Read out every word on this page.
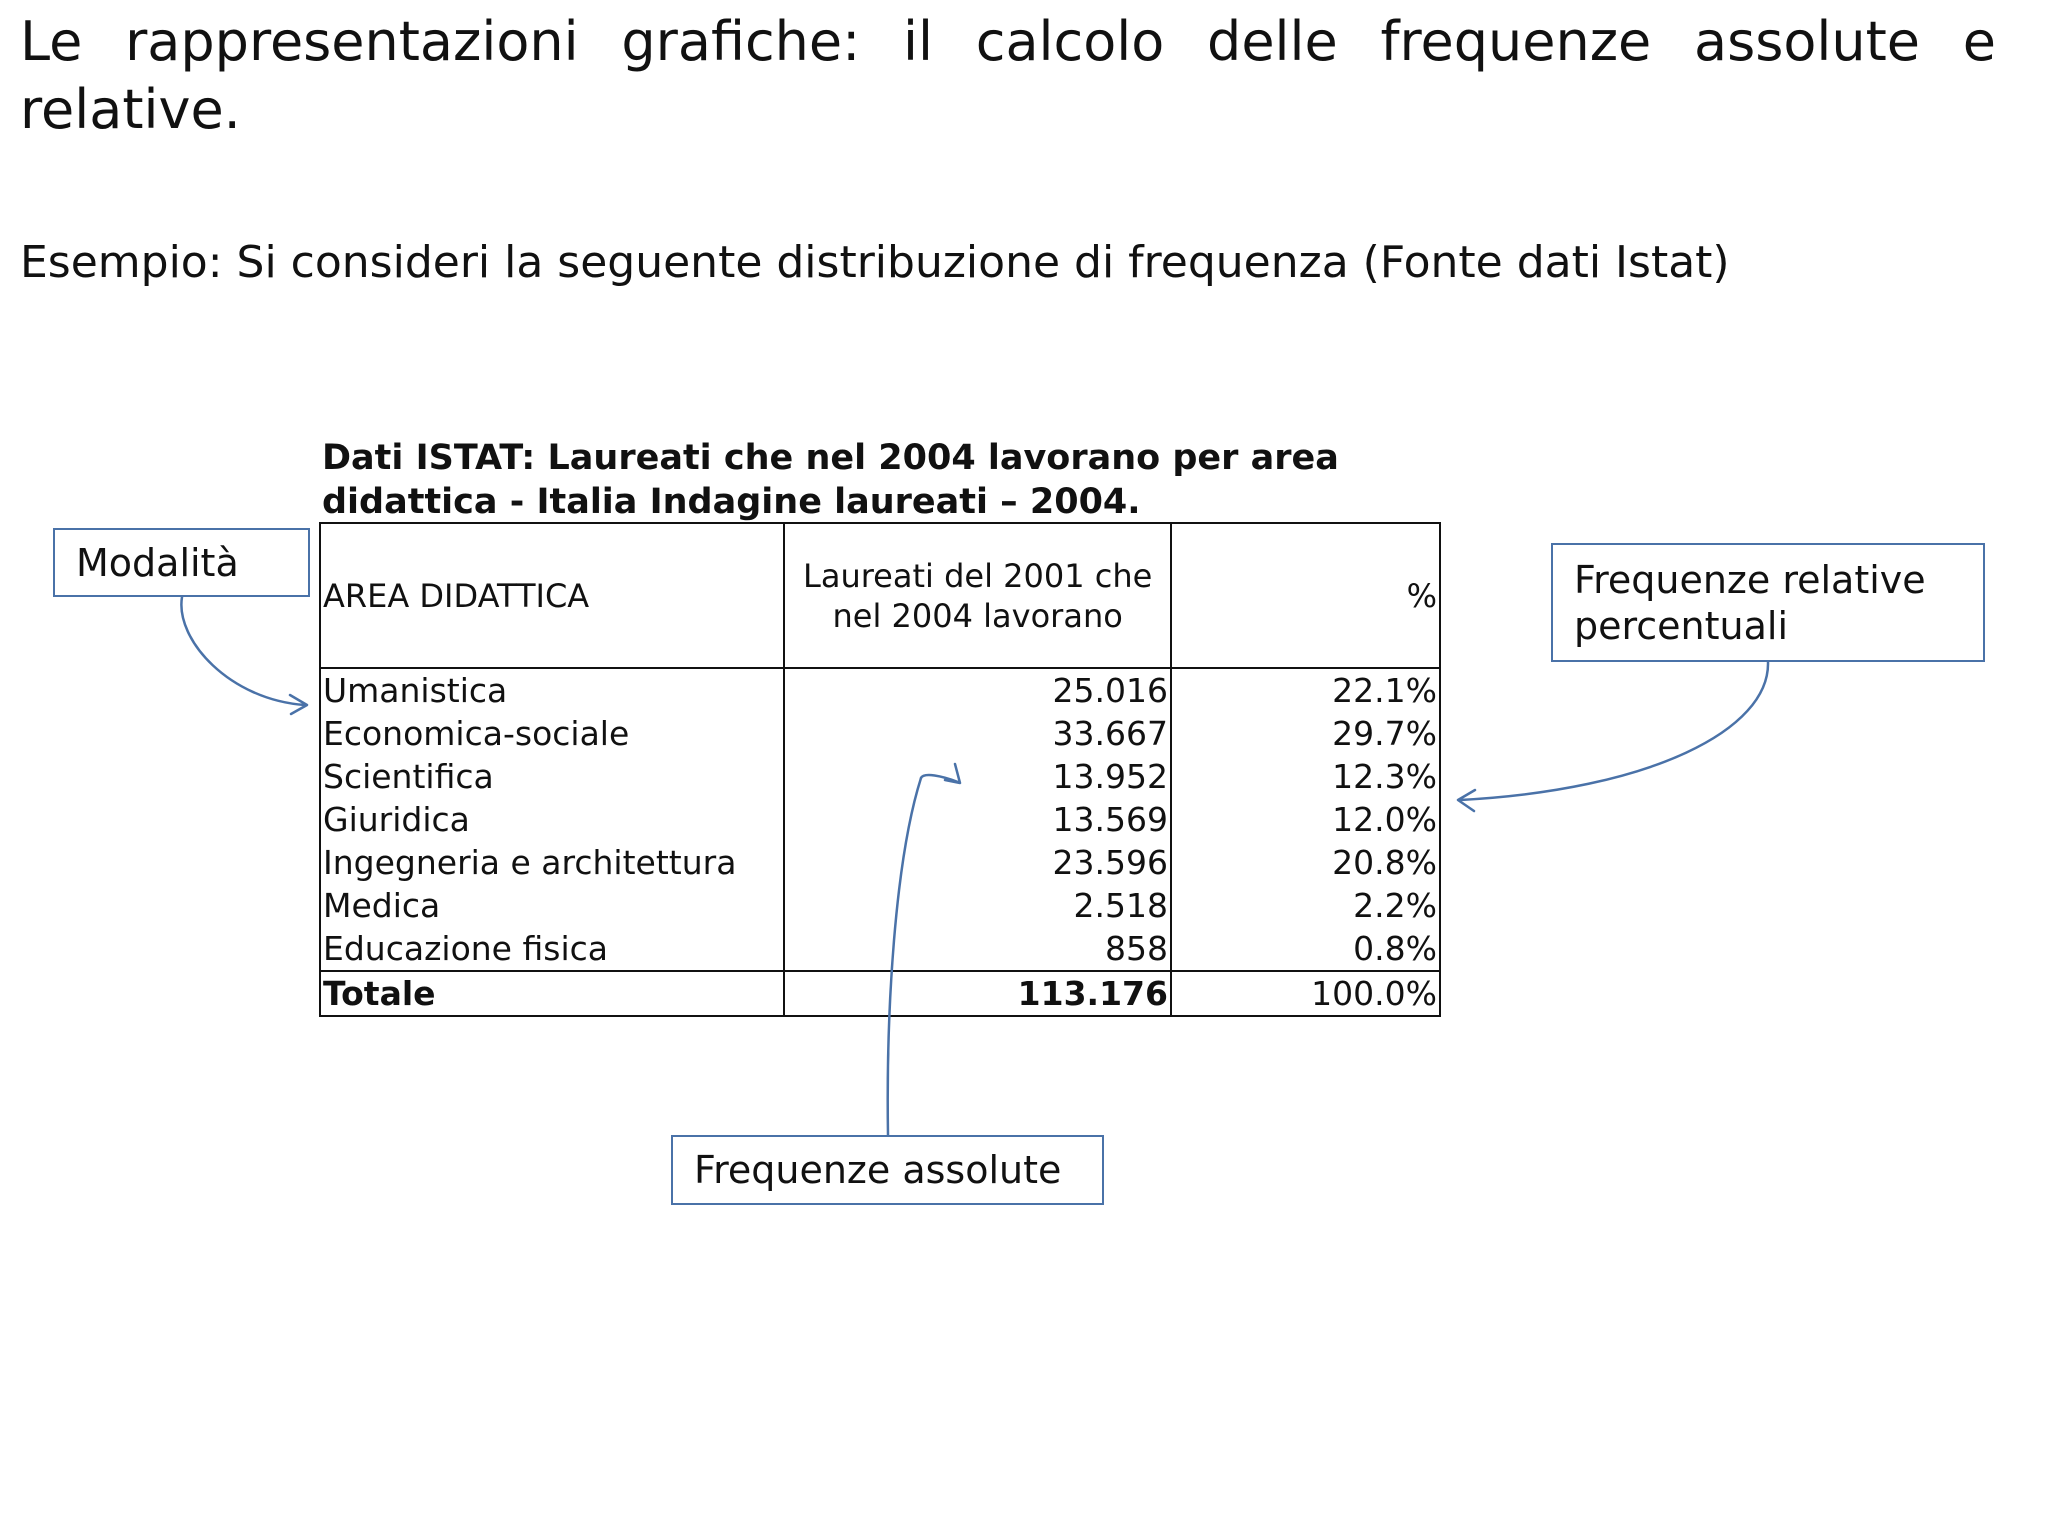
Le rappresentazioni grafiche: il calcolo delle frequenze assolute e relative.

Esempio: Si consideri la seguente distribuzione di frequenza (Fonte dati Istat)

Dati ISTAT: Laureati che nel 2004 lavorano per area
didattica - Italia Indagine laureati – 2004.
AREA DIDATTICA	Laureati del 2001 che nel 2004 lavorano	%
Umanistica	25.016	22.1%
Economica-sociale	33.667	29.7%
Scientifica	13.952	12.3%
Giuridica	13.569	12.0%
Ingegneria e architettura	23.596	20.8%
Medica	2.518	2.2%
Educazione fisica	858	0.8%
Totale	113.176	100.0%
Modalità	Frequenze relative percentuali
Frequenze assolute
